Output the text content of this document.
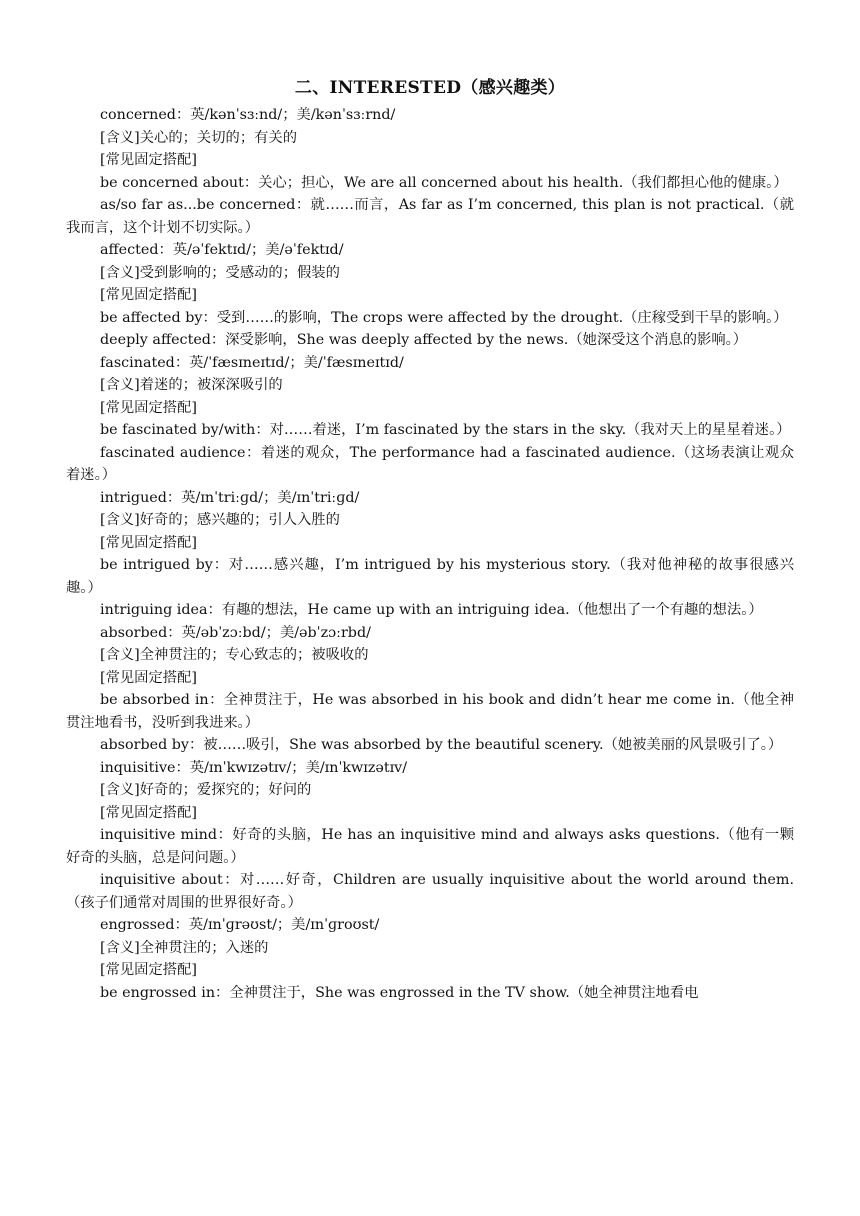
二、INTERESTED（感兴趣类）
concerned：英/kənˈsɜːnd/；美/kənˈsɜːrnd/
[含义]关心的；关切的；有关的
[常见固定搭配]
be concerned about：关心；担心，We are all concerned about his health.（我们都担心他的健康。）
as/so far as...be concerned：就……而言，As far as I’m concerned, this plan is not practical.（就我而言，这个计划不切实际。）
affected：英/əˈfektɪd/；美/əˈfektɪd/
[含义]受到影响的；受感动的；假装的
[常见固定搭配]
be affected by：受到……的影响，The crops were affected by the drought.（庄稼受到干旱的影响。）
deeply affected：深受影响，She was deeply affected by the news.（她深受这个消息的影响。）
fascinated：英/ˈfæsɪneɪtɪd/；美/ˈfæsɪneɪtɪd/
[含义]着迷的；被深深吸引的
[常见固定搭配]
be fascinated by/with：对……着迷，I’m fascinated by the stars in the sky.（我对天上的星星着迷。）
fascinated audience：着迷的观众，The performance had a fascinated audience.（这场表演让观众着迷。）
intrigued：英/ɪnˈtriːɡd/；美/ɪnˈtriːɡd/
[含义]好奇的；感兴趣的；引人入胜的
[常见固定搭配]
be intrigued by：对……感兴趣，I’m intrigued by his mysterious story.（我对他神秘的故事很感兴趣。）
intriguing idea：有趣的想法，He came up with an intriguing idea.（他想出了一个有趣的想法。）
absorbed：英/əbˈzɔːbd/；美/əbˈzɔːrbd/
[含义]全神贯注的；专心致志的；被吸收的
[常见固定搭配]
be absorbed in：全神贯注于，He was absorbed in his book and didn’t hear me come in.（他全神贯注地看书，没听到我进来。）
absorbed by：被……吸引，She was absorbed by the beautiful scenery.（她被美丽的风景吸引了。）
inquisitive：英/ɪnˈkwɪzətɪv/；美/ɪnˈkwɪzətɪv/
[含义]好奇的；爱探究的；好问的
[常见固定搭配]
inquisitive mind：好奇的头脑，He has an inquisitive mind and always asks questions.（他有一颗好奇的头脑，总是问问题。）
inquisitive about：对……好奇，Children are usually inquisitive about the world around them.（孩子们通常对周围的世界很好奇。）
engrossed：英/ɪnˈɡrəʊst/；美/ɪnˈɡroʊst/
[含义]全神贯注的；入迷的
[常见固定搭配]
be engrossed in：全神贯注于，She was engrossed in the TV show.（她全神贯注地看电
